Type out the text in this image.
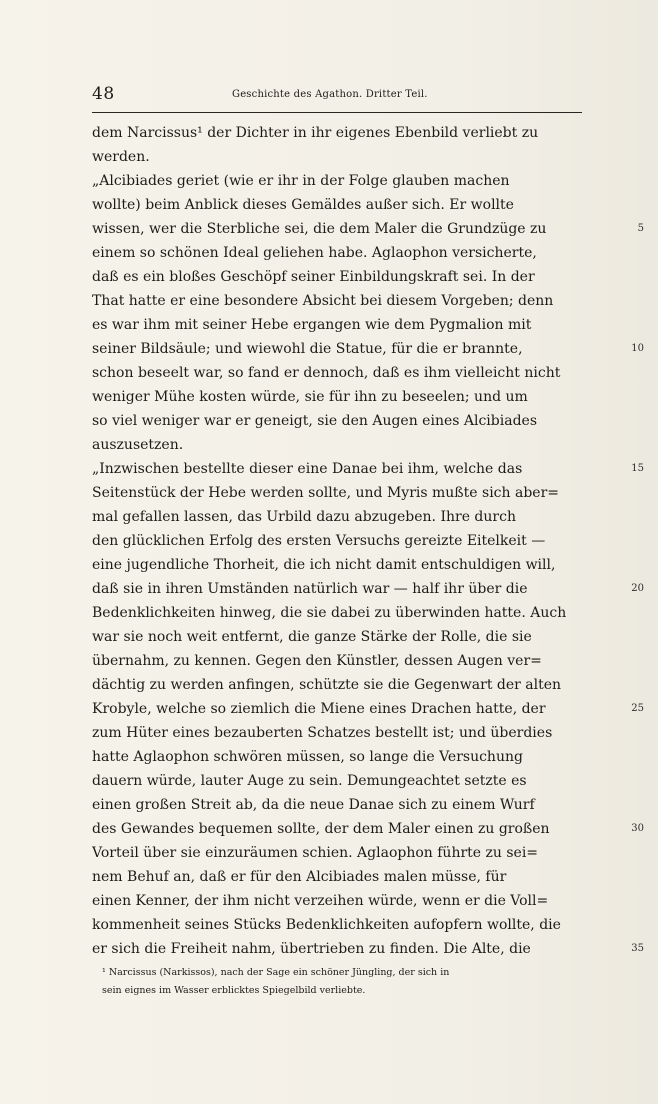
48	Geschichte des Agathon. Dritter Teil.
dem Narcissus¹ der Dichter in ihr eigenes Ebenbild verliebt zu
werden.
„Alcibiades geriet (wie er ihr in der Folge glauben machen
wollte) beim Anblick dieses Gemäldes außer sich. Er wollte
wissen, wer die Sterbliche sei, die dem Maler die Grundzüge zu	5
einem so schönen Ideal geliehen habe. Aglaophon versicherte,
daß es ein bloßes Geschöpf seiner Einbildungskraft sei. In der
That hatte er eine besondere Absicht bei diesem Vorgeben; denn
es war ihm mit seiner Hebe ergangen wie dem Pygmalion mit
seiner Bildsäule; und wiewohl die Statue, für die er brannte,	10
schon beseelt war, so fand er dennoch, daß es ihm vielleicht nicht
weniger Mühe kosten würde, sie für ihn zu beseelen; und um
so viel weniger war er geneigt, sie den Augen eines Alcibiades
auszusetzen.
„Inzwischen bestellte dieser eine Danae bei ihm, welche das	15
Seitenstück der Hebe werden sollte, und Myris mußte sich aber=
mal gefallen lassen, das Urbild dazu abzugeben. Ihre durch
den glücklichen Erfolg des ersten Versuchs gereizte Eitelkeit —
eine jugendliche Thorheit, die ich nicht damit entschuldigen will,
daß sie in ihren Umständen natürlich war — half ihr über die	20
Bedenklichkeiten hinweg, die sie dabei zu überwinden hatte. Auch
war sie noch weit entfernt, die ganze Stärke der Rolle, die sie
übernahm, zu kennen. Gegen den Künstler, dessen Augen ver=
dächtig zu werden anfingen, schützte sie die Gegenwart der alten
Krobyle, welche so ziemlich die Miene eines Drachen hatte, der	25
zum Hüter eines bezauberten Schatzes bestellt ist; und überdies
hatte Aglaophon schwören müssen, so lange die Versuchung
dauern würde, lauter Auge zu sein. Demungeachtet setzte es
einen großen Streit ab, da die neue Danae sich zu einem Wurf
des Gewandes bequemen sollte, der dem Maler einen zu großen	30
Vorteil über sie einzuräumen schien. Aglaophon führte zu sei=
nem Behuf an, daß er für den Alcibiades malen müsse, für
einen Kenner, der ihm nicht verzeihen würde, wenn er die Voll=
kommenheit seines Stücks Bedenklichkeiten aufopfern wollte, die
er sich die Freiheit nahm, übertrieben zu finden. Die Alte, die	35
¹ Narcissus (Narkissos), nach der Sage ein schöner Jüngling, der sich in
sein eignes im Wasser erblicktes Spiegelbild verliebte.
